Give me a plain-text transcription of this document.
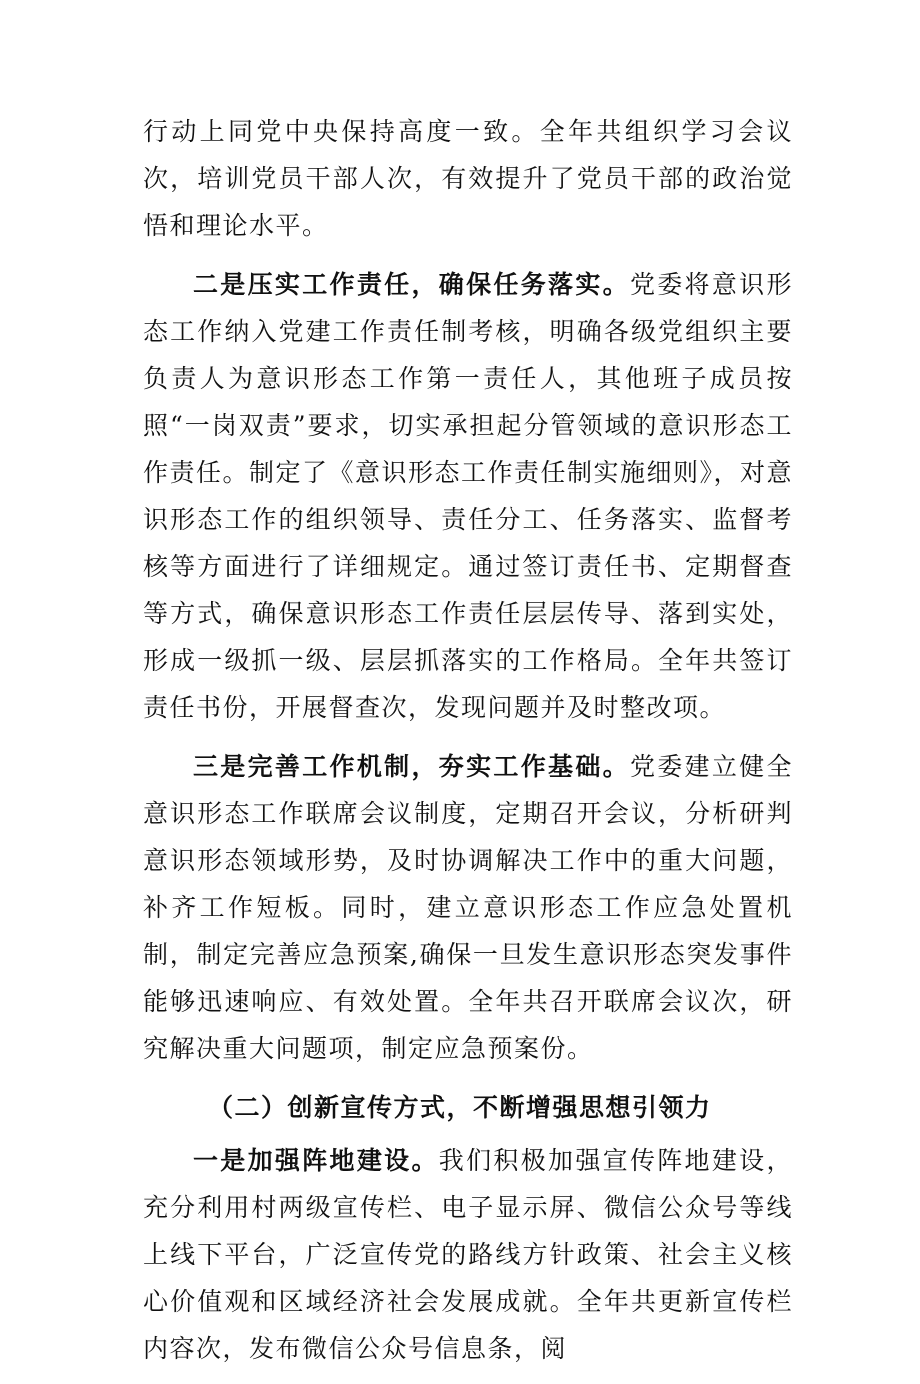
行动上同党中央保持高度一致。全年共组织学习会议次，培训党员干部人次，有效提升了党员干部的政治觉悟和理论水平。

二是压实工作责任，确保任务落实。党委将意识形态工作纳入党建工作责任制考核，明确各级党组织主要负责人为意识形态工作第一责任人，其他班子成员按照“一岗双责”要求，切实承担起分管领域的意识形态工作责任。制定了《意识形态工作责任制实施细则》，对意识形态工作的组织领导、责任分工、任务落实、监督考核等方面进行了详细规定。通过签订责任书、定期督查等方式，确保意识形态工作责任层层传导、落到实处，形成一级抓一级、层层抓落实的工作格局。全年共签订责任书份，开展督查次，发现问题并及时整改项。

三是完善工作机制，夯实工作基础。党委建立健全意识形态工作联席会议制度，定期召开会议，分析研判意识形态领域形势，及时协调解决工作中的重大问题，补齐工作短板。同时，建立意识形态工作应急处置机制，制定完善应急预案,确保一旦发生意识形态突发事件能够迅速响应、有效处置。全年共召开联席会议次，研究解决重大问题项，制定应急预案份。

（二）创新宣传方式，不断增强思想引领力

一是加强阵地建设。我们积极加强宣传阵地建设，充分利用村两级宣传栏、电子显示屏、微信公众号等线上线下平台，广泛宣传党的路线方针政策、社会主义核心价值观和区域经济社会发展成就。全年共更新宣传栏内容次，发布微信公众号信息条，阅
